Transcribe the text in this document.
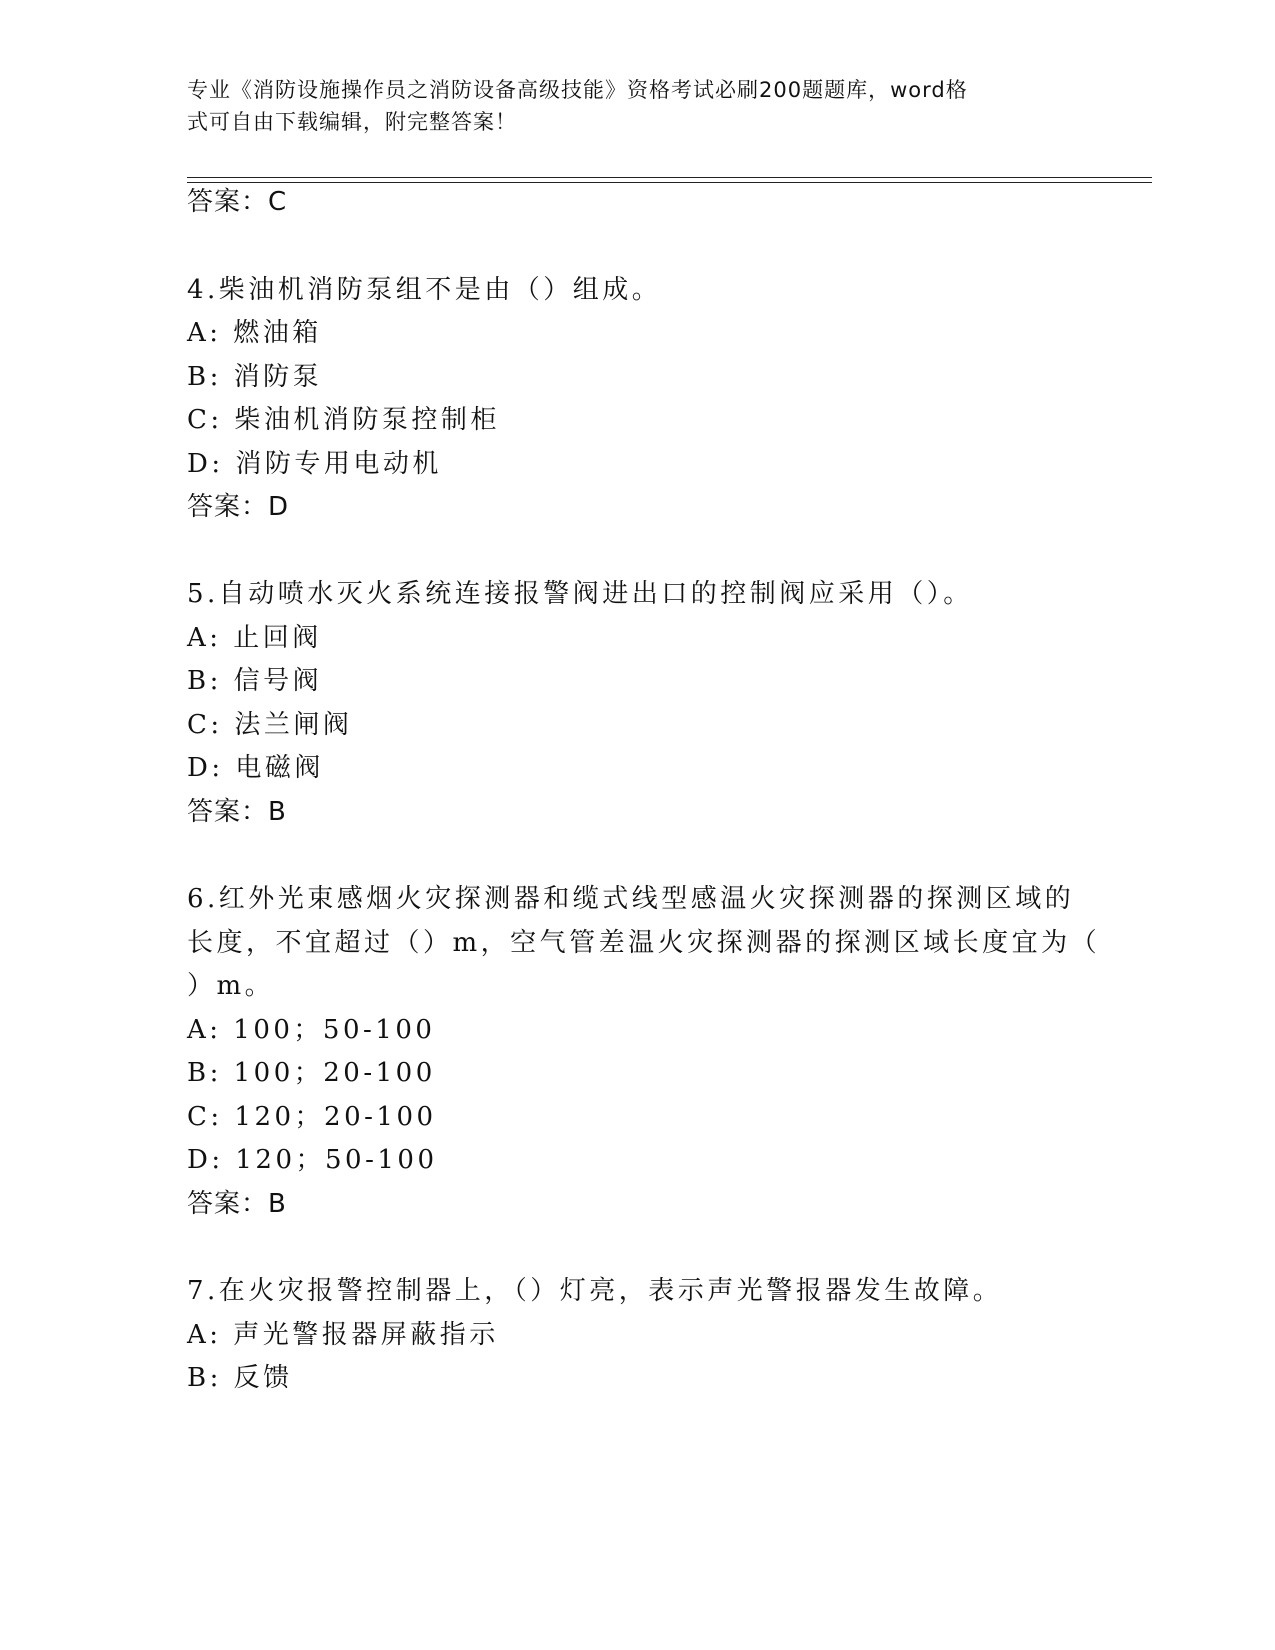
专业《消防设施操作员之消防设备高级技能》资格考试必刷200题题库，word格
式可自由下载编辑，附完整答案！

答案：C

4.柴油机消防泵组不是由（）组成。

A: 燃油箱

B: 消防泵

C: 柴油机消防泵控制柜

D: 消防专用电动机

答案：D

5.自动喷水灭火系统连接报警阀进出口的控制阀应采用（）。

A: 止回阀

B: 信号阀

C: 法兰闸阀

D: 电磁阀

答案：B

6.红外光束感烟火灾探测器和缆式线型感温火灾探测器的探测区域的

长度，不宜超过（）m，空气管差温火灾探测器的探测区域长度宜为（

）m。

A: 100；50-100

B: 100；20-100

C: 120；20-100

D: 120；50-100

答案：B

7.在火灾报警控制器上，（）灯亮，表示声光警报器发生故障。

A: 声光警报器屏蔽指示

B: 反馈
